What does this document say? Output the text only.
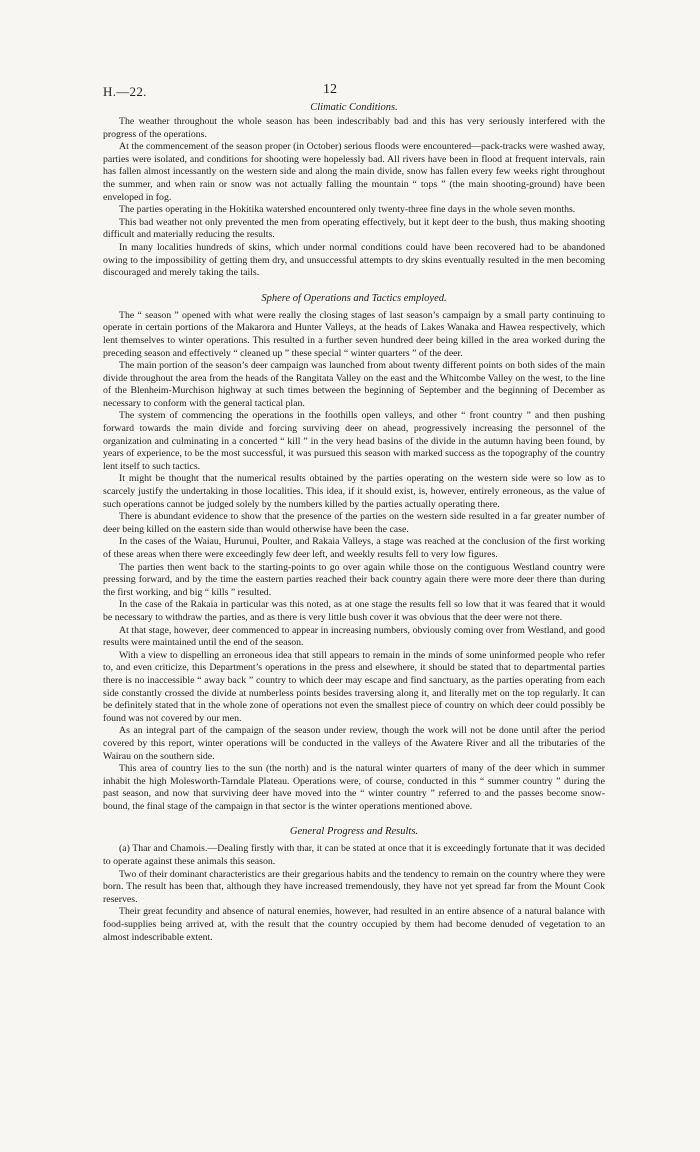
H.—22.	12
Climatic Conditions.

The weather throughout the whole season has been indescribably bad and this has very seriously interfered with the progress of the operations.

At the commencement of the season proper (in October) serious floods were encountered—pack-tracks were washed away, parties were isolated, and conditions for shooting were hopelessly bad. All rivers have been in flood at frequent intervals, rain has fallen almost incessantly on the western side and along the main divide, snow has fallen every few weeks right throughout the summer, and when rain or snow was not actually falling the mountain “ tops ” (the main shooting-ground) have been enveloped in fog.

The parties operating in the Hokitika watershed encountered only twenty-three fine days in the whole seven months.

This bad weather not only prevented the men from operating effectively, but it kept deer to the bush, thus making shooting difficult and materially reducing the results.

In many localities hundreds of skins, which under normal conditions could have been recovered had to be abandoned owing to the impossibility of getting them dry, and unsuccessful attempts to dry skins eventually resulted in the men becoming discouraged and merely taking the tails.

Sphere of Operations and Tactics employed.

The “ season ” opened with what were really the closing stages of last season’s campaign by a small party continuing to operate in certain portions of the Makarora and Hunter Valleys, at the heads of Lakes Wanaka and Hawea respectively, which lent themselves to winter operations. This resulted in a further seven hundred deer being killed in the area worked during the preceding season and effectively “ cleaned up ” these special “ winter quarters ” of the deer.

The main portion of the season’s deer campaign was launched from about twenty different points on both sides of the main divide throughout the area from the heads of the Rangitata Valley on the east and the Whitcombe Valley on the west, to the line of the Blenheim-Murchison highway at such times between the beginning of September and the beginning of December as necessary to conform with the general tactical plan.

The system of commencing the operations in the foothills open valleys, and other “ front country ” and then pushing forward towards the main divide and forcing surviving deer on ahead, progressively increasing the personnel of the organization and culminating in a concerted “ kill ” in the very head basins of the divide in the autumn having been found, by years of experience, to be the most successful, it was pursued this season with marked success as the topography of the country lent itself to such tactics.

It might be thought that the numerical results obtained by the parties operating on the western side were so low as to scarcely justify the undertaking in those localities. This idea, if it should exist, is, however, entirely erroneous, as the value of such operations cannot be judged solely by the numbers killed by the parties actually operating there.

There is abundant evidence to show that the presence of the parties on the western side resulted in a far greater number of deer being killed on the eastern side than would otherwise have been the case.

In the cases of the Waiau, Hurunui, Poulter, and Rakaia Valleys, a stage was reached at the conclusion of the first working of these areas when there were exceedingly few deer left, and weekly results fell to very low figures.

The parties then went back to the starting-points to go over again while those on the contiguous Westland country were pressing forward, and by the time the eastern parties reached their back country again there were more deer there than during the first working, and big “ kills ” resulted.

In the case of the Rakaia in particular was this noted, as at one stage the results fell so low that it was feared that it would be necessary to withdraw the parties, and as there is very little bush cover it was obvious that the deer were not there.

At that stage, however, deer commenced to appear in increasing numbers, obviously coming over from Westland, and good results were maintained until the end of the season.

With a view to dispelling an erroneous idea that still appears to remain in the minds of some uninformed people who refer to, and even criticize, this Department’s operations in the press and elsewhere, it should be stated that to departmental parties there is no inaccessible “ away back ” country to which deer may escape and find sanctuary, as the parties operating from each side constantly crossed the divide at numberless points besides traversing along it, and literally met on the top regularly. It can be definitely stated that in the whole zone of operations not even the smallest piece of country on which deer could possibly be found was not covered by our men.

As an integral part of the campaign of the season under review, though the work will not be done until after the period covered by this report, winter operations will be conducted in the valleys of the Awatere River and all the tributaries of the Wairau on the southern side.

This area of country lies to the sun (the north) and is the natural winter quarters of many of the deer which in summer inhabit the high Molesworth-Tarndale Plateau. Operations were, of course, conducted in this “ summer country ” during the past season, and now that surviving deer have moved into the “ winter country ” referred to and the passes become snow-bound, the final stage of the campaign in that sector is the winter operations mentioned above.

General Progress and Results.

(a) Thar and Chamois.—Dealing firstly with thar, it can be stated at once that it is exceedingly fortunate that it was decided to operate against these animals this season.

Two of their dominant characteristics are their gregarious habits and the tendency to remain on the country where they were born. The result has been that, although they have increased tremendously, they have not yet spread far from the Mount Cook reserves.

Their great fecundity and absence of natural enemies, however, had resulted in an entire absence of a natural balance with food-supplies being arrived at, with the result that the country occupied by them had become denuded of vegetation to an almost indescribable extent.
